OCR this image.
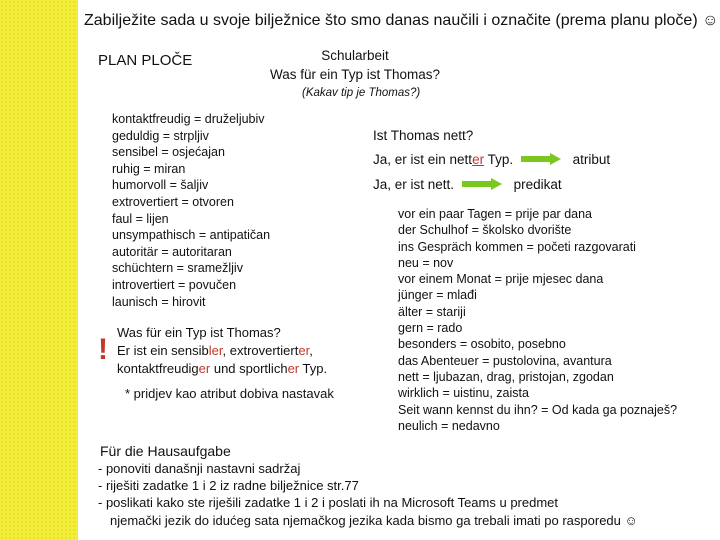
Zabilježite sada u svoje bilježnice što smo danas naučili i označite (prema planu ploče) ☺
PLAN PLOČE	Schularbeit
Was für ein Typ ist Thomas?
(Kakav tip je Thomas?)
kontaktfreudig = druželjubiv
geduldig = strpljiv
sensibel = osjećajan
ruhig = miran
humorvoll = šaljiv
extrovertiert = otvoren
faul = lijen
unsympathisch = antipatičan
autoritär = autoritaran
schüchtern = sramežljiv
introvertiert = povučen
launisch = hirovit
!
Was für ein Typ ist Thomas?
Er ist ein sensibler, extrovertierter,
kontaktfreudiger und sportlicher Typ.
* pridjev kao atribut dobiva nastavak
Ist Thomas nett?
Ja, er ist ein netter Typ.	atribut
Ja, er ist nett.	predikat
vor ein paar Tagen = prije par dana
der Schulhof = školsko dvorište
ins Gespräch kommen = početi razgovarati
neu = nov
vor einem Monat = prije mjesec dana
jünger = mlađi
älter = stariji
gern = rado
besonders = osobito, posebno
das Abenteuer = pustolovina, avantura
nett = ljubazan, drag, pristojan, zgodan
wirklich = uistinu, zaista
Seit wann kennst du ihn? = Od kada ga poznaješ?
neulich = nedavno
Für die Hausaufgabe
- ponoviti današnji nastavni sadržaj
- riješiti zadatke 1 i 2 iz radne bilježnice str.77
- poslikati kako ste riješili zadatke 1 i 2 i poslati ih na Microsoft Teams u predmet
njemački jezik do idućeg sata njemačkog jezika kada bismo ga trebali imati po rasporedu ☺
